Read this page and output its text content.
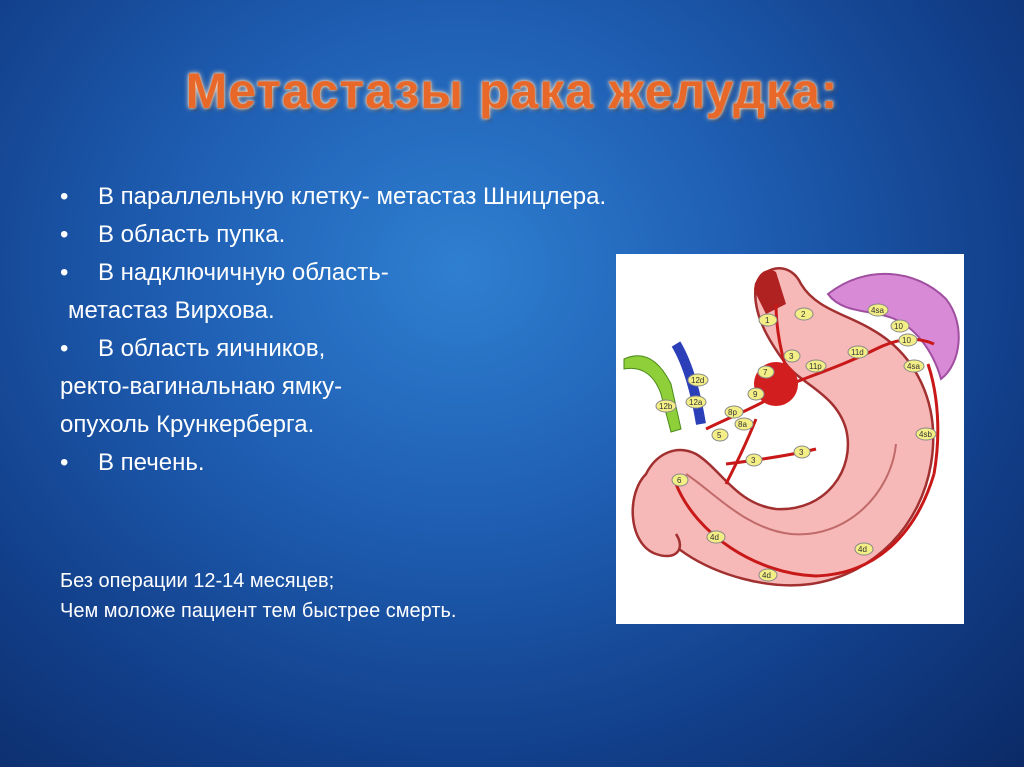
Метастазы рака желудка:
• В параллельную клетку- метастаз Шницлера.
• В область пупка.
• В надключичную область-
метастаз Вирхова.
• В область яичников,
ректо-вагинальнаю ямку-
опухоль Крункерберга.
• В печень.
Без операции 12-14 месяцев;
Чем моложе пациент тем быстрее смерть.
1
2
3
7
9
5
6
3
3
11p
11d
4sa
10
10
4sa
4sb
4d
4d
4d
12d
12a
12b
8p
8a
